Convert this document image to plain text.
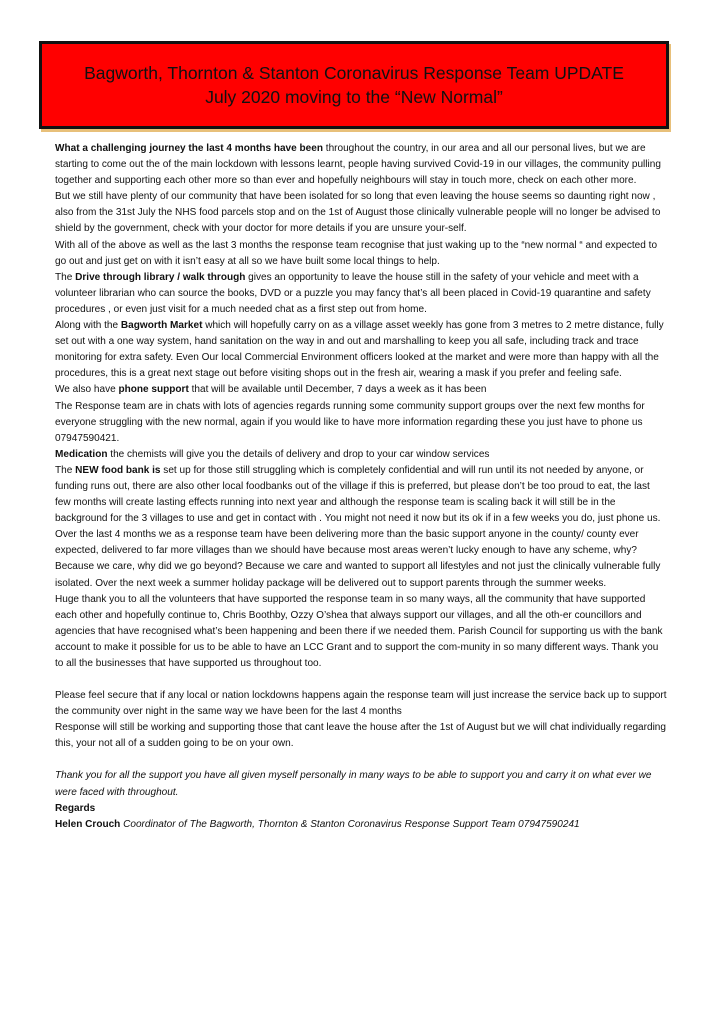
Bagworth, Thornton & Stanton Coronavirus Response Team UPDATE
July 2020 moving to the “New Normal”

What a challenging journey the last 4 months have been throughout the country, in our area and all our personal lives, but we are starting to come out the of the main lockdown with lessons learnt, people having survived Covid-19 in our villages, the community pulling together and supporting each other more so than ever and hopefully neighbours will stay in touch more, check on each other more.

But we still have plenty of our community that have been isolated for so long that even leaving the house seems so daunting right now , also from the 31st July the NHS food parcels stop and on the 1st of August those clinically vulnerable people will no longer be advised to shield by the government, check with your doctor for more details if you are unsure your-self.

With all of the above as well as the last 3 months the response team recognise that just waking up to the “new normal “ and expected to go out and just get on with it isn’t easy at all so we have built some local things to help.

The Drive through library / walk through gives an opportunity to leave the house still in the safety of your vehicle and meet with a volunteer librarian who can source the books, DVD or a puzzle you may fancy that’s all been placed in Covid-19 quarantine and safety procedures , or even just visit for a much needed chat as a first step out from home.

Along with the Bagworth Market which will hopefully carry on as a village asset weekly has gone from 3 metres to 2 metre distance, fully set out with a one way system, hand sanitation on the way in and out and marshalling to keep you all safe, including track and trace monitoring for extra safety. Even Our local Commercial Environment officers looked at the market and were more than happy with all the procedures, this is a great next stage out before visiting shops out in the fresh air, wearing a mask if you prefer and feeling safe.

We also have phone support that will be available until December, 7 days a week as it has been

The Response team are in chats with lots of agencies regards running some community support groups over the next few months for everyone struggling with the new normal, again if you would like to have more information regarding these you just have to phone us 07947590421.

Medication the chemists will give you the details of delivery and drop to your car window services

The NEW food bank is set up for those still struggling which is completely confidential and will run until its not needed by anyone, or funding runs out, there are also other local foodbanks out of the village if this is preferred, but please don’t be too proud to eat, the last few months will create lasting effects running into next year and although the response team is scaling back it will still be in the background for the 3 villages to use and get in contact with . You might not need it now but its ok if in a few weeks you do, just phone us.

Over the last 4 months we as a response team have been delivering more than the basic support anyone in the county/ county ever expected, delivered to far more villages than we should have because most areas weren’t lucky enough to have any scheme, why? Because we care, why did we go beyond? Because we care and wanted to support all lifestyles and not just the clinically vulnerable fully isolated. Over the next week a summer holiday package will be delivered out to support parents through the summer weeks.

Huge thank you to all the volunteers that have supported the response team in so many ways, all the community that have supported each other and hopefully continue to, Chris Boothby, Ozzy O’shea that always support our villages, and all the oth-er councillors and agencies that have recognised what’s been happening and been there if we needed them. Parish Council for supporting us with the bank account to make it possible for us to be able to have an LCC Grant and to support the com-munity in so many different ways. Thank you to all the businesses that have supported us throughout too.

Please feel secure that if any local or nation lockdowns happens again the response team will just increase the service back up to support the community over night in the same way we have been for the last 4 months

Response will still be working and supporting those that cant leave the house after the 1st of August but we will chat individually regarding this, your not all of a sudden going to be on your own.

Thank you for all the support you have all given myself personally in many ways to be able to support you and carry it on what ever we were faced with throughout.

Regards

Helen Crouch Coordinator of The Bagworth, Thornton & Stanton Coronavirus Response Support Team 07947590241
